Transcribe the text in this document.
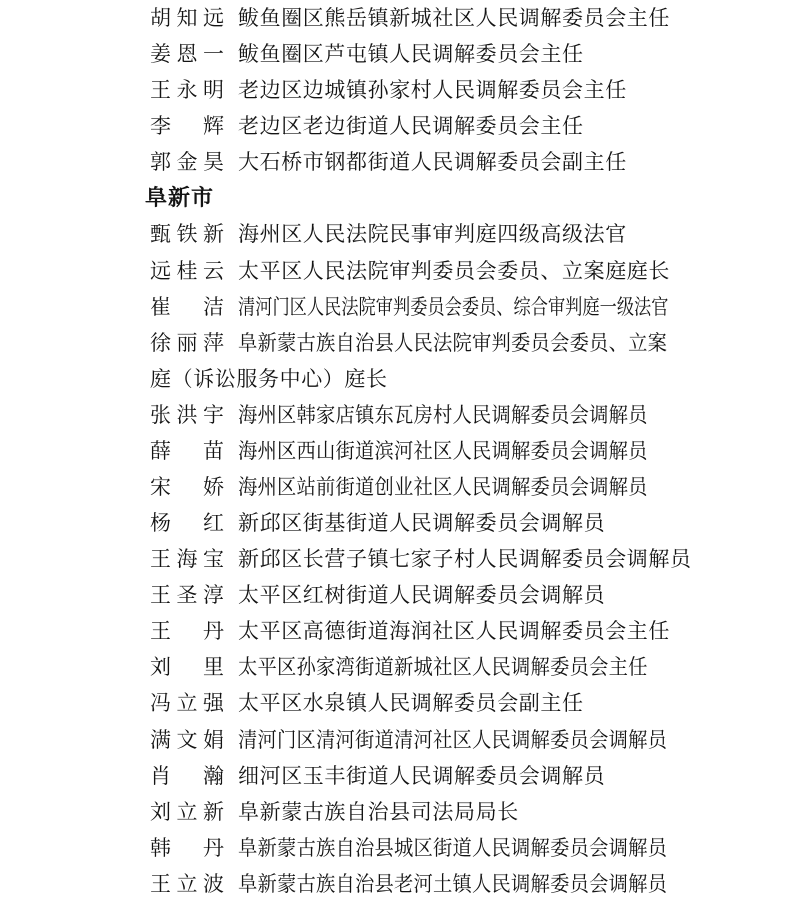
胡知远 鲅鱼圈区熊岳镇新城社区人民调解委员会主任
姜恩一 鲅鱼圈区芦屯镇人民调解委员会主任
王永明 老边区边城镇孙家村人民调解委员会主任
李辉 老边区老边街道人民调解委员会主任
郭金昊 大石桥市钢都街道人民调解委员会副主任
阜新市
甄铁新 海州区人民法院民事审判庭四级高级法官
远桂云 太平区人民法院审判委员会委员、立案庭庭长
崔洁 清河门区人民法院审判委员会委员、综合审判庭一级法官
徐丽萍 阜新蒙古族自治县人民法院审判委员会委员、立案
庭（诉讼服务中心）庭长
张洪宇 海州区韩家店镇东瓦房村人民调解委员会调解员
薛苗 海州区西山街道滨河社区人民调解委员会调解员
宋娇 海州区站前街道创业社区人民调解委员会调解员
杨红 新邱区街基街道人民调解委员会调解员
王海宝 新邱区长营子镇七家子村人民调解委员会调解员
王圣淳 太平区红树街道人民调解委员会调解员
王丹 太平区高德街道海润社区人民调解委员会主任
刘里 太平区孙家湾街道新城社区人民调解委员会主任
冯立强 太平区水泉镇人民调解委员会副主任
满文娟 清河门区清河街道清河社区人民调解委员会调解员
肖瀚 细河区玉丰街道人民调解委员会调解员
刘立新 阜新蒙古族自治县司法局局长
韩丹 阜新蒙古族自治县城区街道人民调解委员会调解员
王立波 阜新蒙古族自治县老河土镇人民调解委员会调解员
